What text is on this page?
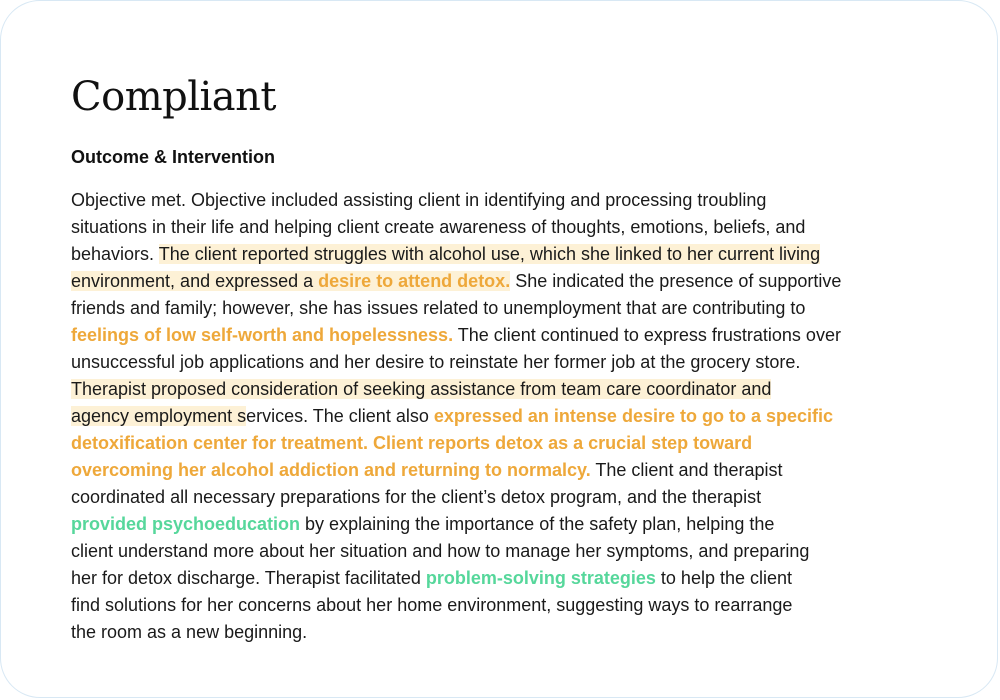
Compliant
Outcome & Intervention
Objective met. Objective included assisting client in identifying and processing troubling
situations in their life and helping client create awareness of thoughts, emotions, beliefs, and
behaviors. The client reported struggles with alcohol use, which she linked to her current living
environment, and expressed a desire to attend detox. She indicated the presence of supportive
friends and family; however, she has issues related to unemployment that are contributing to
feelings of low self-worth and hopelessness. The client continued to express frustrations over
unsuccessful job applications and her desire to reinstate her former job at the grocery store.
Therapist proposed consideration of seeking assistance from team care coordinator and
agency employment services. The client also expressed an intense desire to go to a specific
detoxification center for treatment. Client reports detox as a crucial step toward
overcoming her alcohol addiction and returning to normalcy. The client and therapist
coordinated all necessary preparations for the client’s detox program, and the therapist
provided psychoeducation by explaining the importance of the safety plan, helping the
client understand more about her situation and how to manage her symptoms, and preparing
her for detox discharge. Therapist facilitated problem-solving strategies to help the client
find solutions for her concerns about her home environment, suggesting ways to rearrange
the room as a new beginning.
